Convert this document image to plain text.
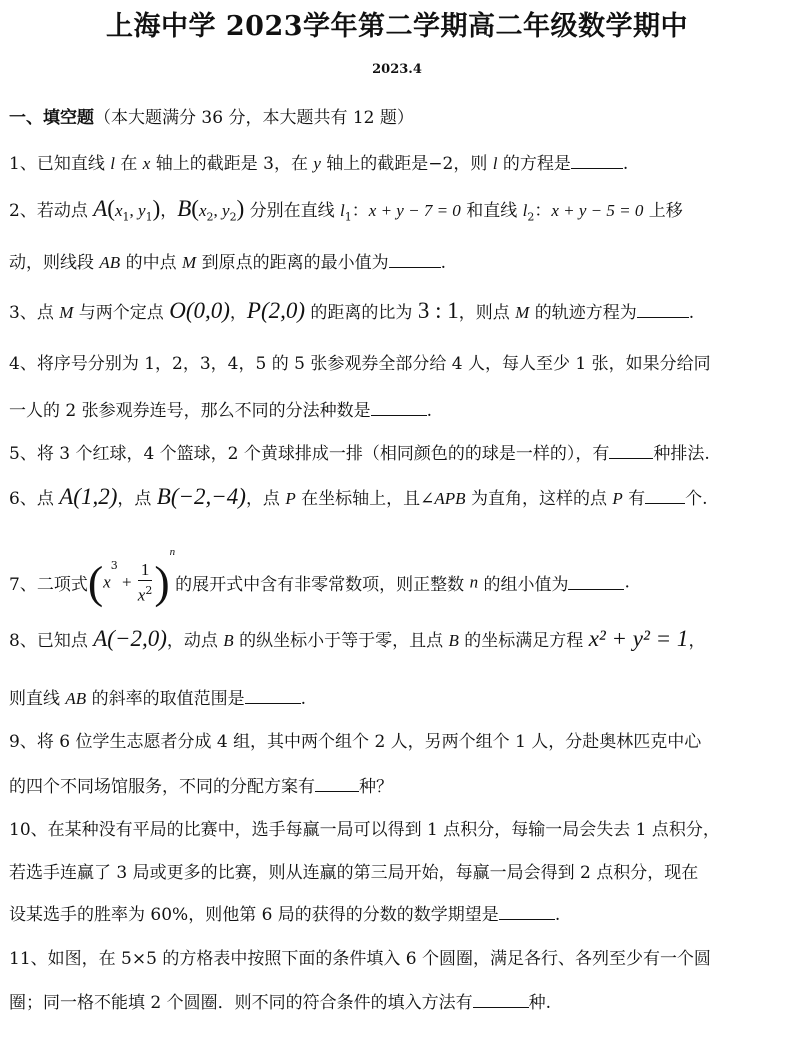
上海中学 2023学年第二学期高二年级数学期中
2023.4
一、填空题（本大题满分 36 分，本大题共有 12 题）
1、已知直线 l 在 x 轴上的截距是 3，在 y 轴上的截距是−2，则 l 的方程是	.
2、若动点 $A(x_1$, $y_1$)，$B(x_2$, $y_2$) 分别在直线 $l_1$：x + y − 7 = 0 和直线 $l_2$：x + y − 5 = 0 上移
动，则线段 AB 的中点 M 到原点的距离的最小值为	.
3、点 M 与两个定点 O(0,0)，P(2,0) 的距离的比为 3 : 1，则点 M 的轨迹方程为	.
4、将序号分别为 1，2，3，4，5 的 5 张参观券全部分给 4 人，每人至少 1 张，如果分给同
一人的 2 张参观券连号，那么不同的分法种数是	.
5、将 3 个红球，4 个篮球，2 个黄球排成一排（相同颜色的的球是一样的），有	种排法.
6、点 A(1,2)，点 B(−2,−4)，点 P 在坐标轴上，且∠APB 为直角，这样的点 P 有 个.
7、二项式$(x^3 + \frac{1}{x^2} )^n$的展开式中含有非零常数项，则正整数 n 的组小值为	.
8、已知点 A(−2,0)，动点 B 的纵坐标小于等于零，且点 B 的坐标满足方程 x² + y² = 1，
则直线 AB 的斜率的取值范围是	.
9、将 6 位学生志愿者分成 4 组，其中两个组个 2 人，另两个组个 1 人，分赴奥林匹克中心
的四个不同场馆服务，不同的分配方案有	种？
10、在某种没有平局的比赛中，选手每赢一局可以得到 1 点积分，每输一局会失去 1 点积分，
若选手连赢了 3 局或更多的比赛，则从连赢的第三局开始，每赢一局会得到 2 点积分，现在
设某选手的胜率为 60%，则他第 6 局的获得的分数的数学期望是	.
11、如图，在 5×5 的方格表中按照下面的条件填入 6 个圆圈，满足各行、各列至少有一个圆
圈；同一格不能填 2 个圆圈．则不同的符合条件的填入方法有	种.
